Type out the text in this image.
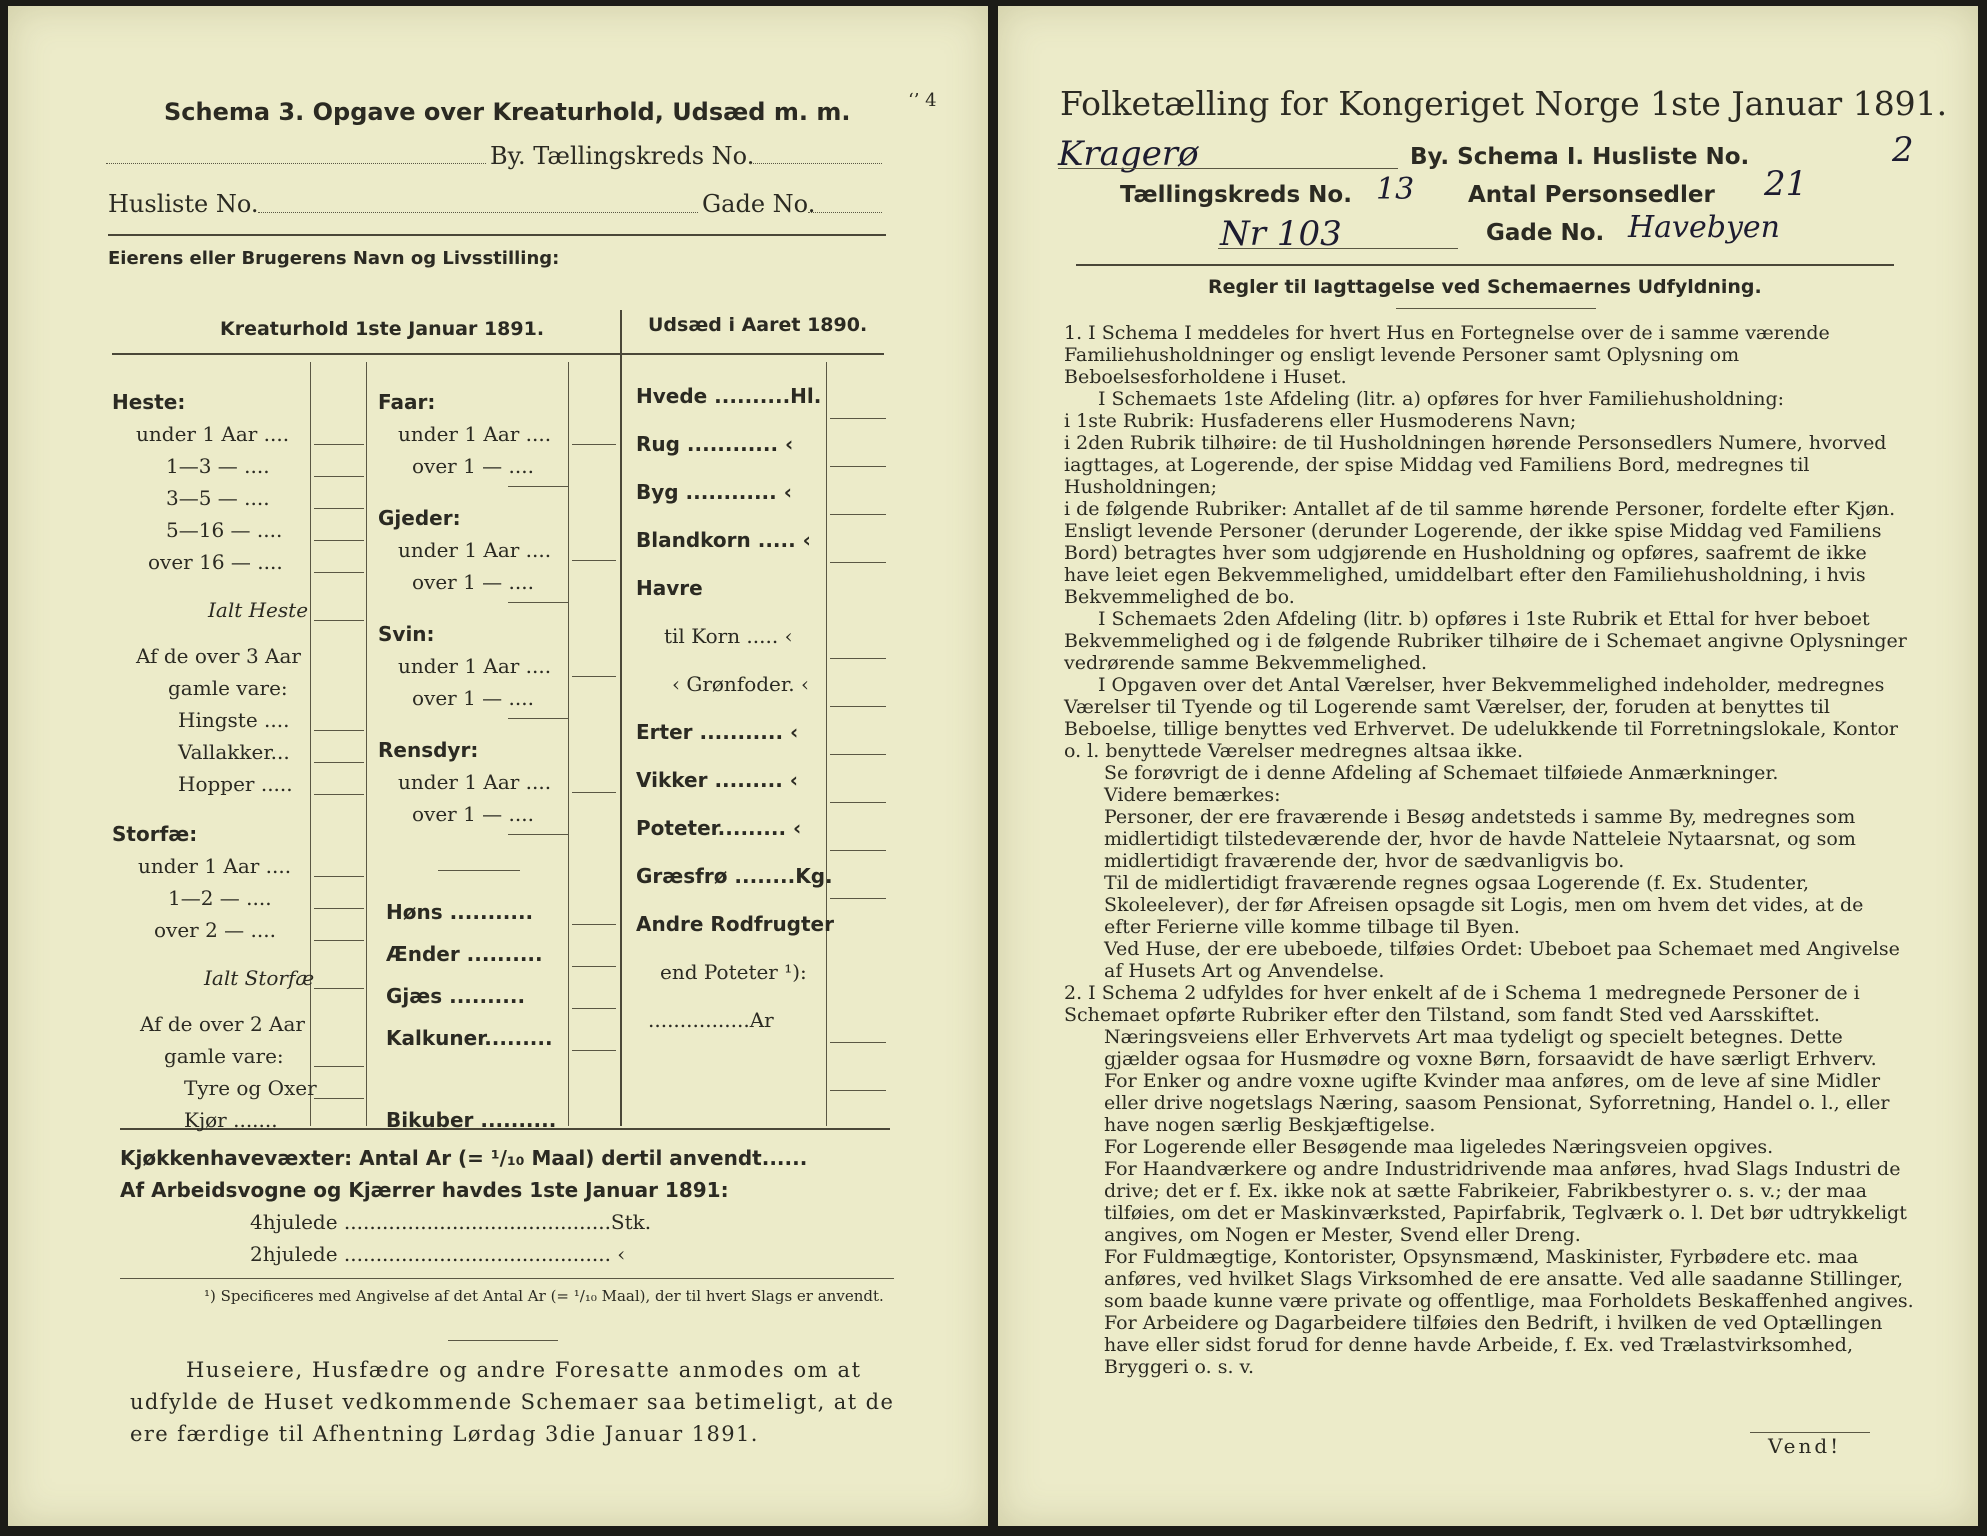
Schema 3. Opgave over Kreaturhold, Udsæd m. m.	‘’ 4
By. Tællingskreds No.
Husliste No.	Gade No.
Eierens eller Brugerens Navn og Livsstilling:
Kreaturhold 1ste Januar 1891.	Udsæd i Aaret 1890.
Heste:
under 1 Aar ....
1—3 — ....
3—5 — ....
5—16 — ....
over 16 — ....
Ialt Heste
Af de over 3 Aar
gamle vare:
Hingste ....
Vallakker...
Hopper .....
Storfæ:
under 1 Aar ....
1—2 — ....
over 2 — ....
Ialt Storfæ
Af de over 2 Aar
gamle vare:
Tyre og Oxer
Kjør .......
Faar:
under 1 Aar ....
over 1 — ....
Gjeder:
under 1 Aar ....
over 1 — ....
Svin:
under 1 Aar ....
over 1 — ....
Rensdyr:
under 1 Aar ....
over 1 — ....
Høns ...........
Ænder ..........
Gjæs ..........
Kalkuner.........
Bikuber ..........
Hvede ..........Hl.
Rug ............ ‹
Byg ............ ‹
Blandkorn ..... ‹
Havre
til Korn ..... ‹
‹ Grønfoder. ‹
Erter ........... ‹
Vikker ......... ‹
Poteter......... ‹
Græsfrø ........Kg.
Andre Rodfrugter
end Poteter ¹):
................Ar
Kjøkkenhavevæxter: Antal Ar (= ¹/₁₀ Maal) dertil anvendt......
Af Arbeidsvogne og Kjærrer havdes 1ste Januar 1891:
4hjulede ..........................................Stk.
2hjulede .......................................... ‹
¹) Specificeres med Angivelse af det Antal Ar (= ¹/₁₀ Maal), der til hvert Slags er anvendt.
Huseiere, Husfædre og andre Foresatte anmodes om at
udfylde de Huset vedkommende Schemaer saa betimeligt, at de
ere færdige til Afhentning Lørdag 3die Januar 1891.
Folketælling for Kongeriget Norge 1ste Januar 1891.
Kragerø	By. Schema I. Husliste No.	2
Tællingskreds No. 13 Antal Personsedler 21
Nr 103	Gade No. Havebyen
Regler til Iagttagelse ved Schemaernes Udfyldning.

1. I Schema I meddeles for hvert Hus en Fortegnelse over de i samme værende Familiehusholdninger og ensligt levende Personer samt Oplysning om Beboelsesforholdene i Huset.

I Schemaets 1ste Afdeling (litr. a) opføres for hver Familiehusholdning:

i 1ste Rubrik: Husfaderens eller Husmoderens Navn;

i 2den Rubrik tilhøire: de til Husholdningen hørende Personsedlers Numere, hvorved iagttages, at Logerende, der spise Middag ved Familiens Bord, medregnes til Husholdningen;

i de følgende Rubriker: Antallet af de til samme hørende Personer, fordelte efter Kjøn.

Ensligt levende Personer (derunder Logerende, der ikke spise Middag ved Familiens Bord) betragtes hver som udgjørende en Husholdning og opføres, saafremt de ikke have leiet egen Bekvemmelighed, umiddelbart efter den Familiehusholdning, i hvis Bekvemmelighed de bo.

I Schemaets 2den Afdeling (litr. b) opføres i 1ste Rubrik et Ettal for hver beboet Bekvemmelighed og i de følgende Rubriker tilhøire de i Schemaet angivne Oplysninger vedrørende samme Bekvemmelighed.

I Opgaven over det Antal Værelser, hver Bekvemmelighed indeholder, medregnes Værelser til Tyende og til Logerende samt Værelser, der, foruden at benyttes til Beboelse, tillige benyttes ved Erhvervet. De udelukkende til Forretningslokale, Kontor o. l. benyttede Værelser medregnes altsaa ikke.

Se forøvrigt de i denne Afdeling af Schemaet tilføiede Anmærkninger.

Videre bemærkes:

Personer, der ere fraværende i Besøg andetsteds i samme By, medregnes som midlertidigt tilstedeværende der, hvor de havde Natteleie Nytaarsnat, og som midlertidigt fraværende der, hvor de sædvanligvis bo.

Til de midlertidigt fraværende regnes ogsaa Logerende (f. Ex. Studenter, Skoleelever), der før Afreisen opsagde sit Logis, men om hvem det vides, at de efter Ferierne ville komme tilbage til Byen.

Ved Huse, der ere ubeboede, tilføies Ordet: Ubeboet paa Schemaet med Angivelse af Husets Art og Anvendelse.

2. I Schema 2 udfyldes for hver enkelt af de i Schema 1 medregnede Personer de i Schemaet opførte Rubriker efter den Tilstand, som fandt Sted ved Aarsskiftet.

Næringsveiens eller Erhvervets Art maa tydeligt og specielt betegnes. Dette gjælder ogsaa for Husmødre og voxne Børn, forsaavidt de have særligt Erhverv. For Enker og andre voxne ugifte Kvinder maa anføres, om de leve af sine Midler eller drive nogetslags Næring, saasom Pensionat, Syforretning, Handel o. l., eller have nogen særlig Beskjæftigelse.

For Logerende eller Besøgende maa ligeledes Næringsveien opgives.

For Haandværkere og andre Industridrivende maa anføres, hvad Slags Industri de drive; det er f. Ex. ikke nok at sætte Fabrikeier, Fabrikbestyrer o. s. v.; der maa tilføies, om det er Maskinværksted, Papirfabrik, Teglværk o. l. Det bør udtrykkeligt angives, om Nogen er Mester, Svend eller Dreng.

For Fuldmægtige, Kontorister, Opsynsmænd, Maskinister, Fyrbødere etc. maa anføres, ved hvilket Slags Virksomhed de ere ansatte. Ved alle saadanne Stillinger, som baade kunne være private og offentlige, maa Forholdets Beskaffenhed angives.

For Arbeidere og Dagarbeidere tilføies den Bedrift, i hvilken de ved Optællingen have eller sidst forud for denne havde Arbeide, f. Ex. ved Trælastvirksomhed, Bryggeri o. s. v.

Vend!
